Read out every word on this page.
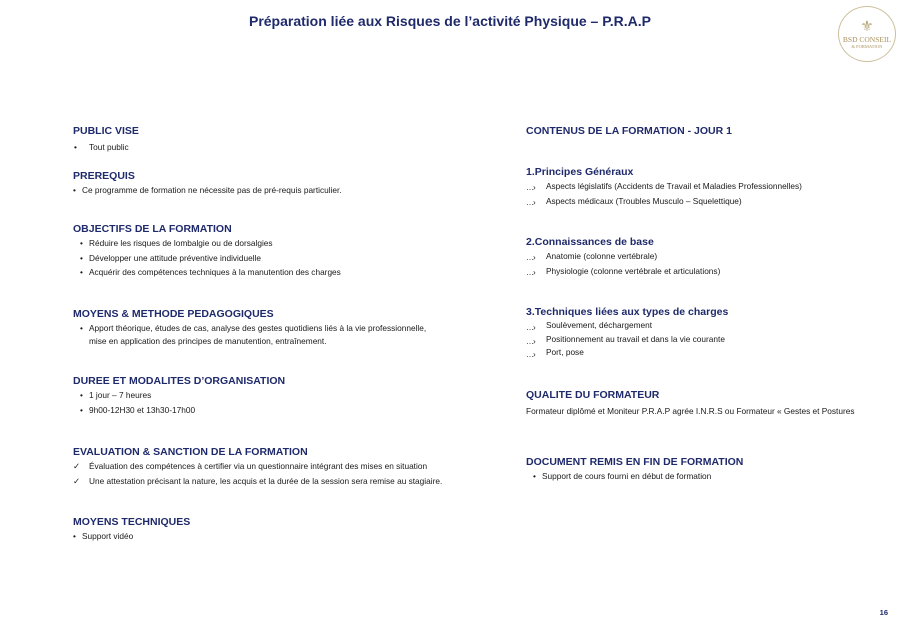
Préparation liée aux Risques de l’activité Physique – P.R.A.P	⚜
BSD CONSEIL
& FORMATION
PUBLIC VISE
• Tout public
PREREQUIS
• Ce programme de formation ne nécessite pas de pré-requis particulier.
OBJECTIFS DE LA FORMATION
• Réduire les risques de lombalgie ou de dorsalgies
• Développer une attitude préventive individuelle
• Acquérir des compétences techniques à la manutention des charges
MOYENS & METHODE PEDAGOGIQUES
• Apport théorique, études de cas, analyse des gestes quotidiens liés à la vie professionnelle,
mise en application des principes de manutention, entraînement.
DUREE ET MODALITES D’ORGANISATION
• 1 jour – 7 heures
• 9h00-12H30 et 13h30-17h00
EVALUATION & SANCTION DE LA FORMATION
✓ Évaluation des compétences à certifier via un questionnaire intégrant des mises en situation
✓ Une attestation précisant la nature, les acquis et la durée de la session sera remise au stagiaire.
MOYENS TECHNIQUES
• Support vidéo
CONTENUS DE LA FORMATION - JOUR 1
1.Principes Généraux
…› Aspects législatifs (Accidents de Travail et Maladies Professionnelles)
…› Aspects médicaux (Troubles Musculo – Squelettique)
2.Connaissances de base
…› Anatomie (colonne vertébrale)
…› Physiologie (colonne vertébrale et articulations)
3.Techniques liées aux types de charges
…› Soulèvement, déchargement
…› Positionnement au travail et dans la vie courante
…› Port, pose
QUALITE DU FORMATEUR
Formateur diplômé et Moniteur P.R.A.P agrée I.N.R.S ou Formateur « Gestes et Postures
DOCUMENT REMIS EN FIN DE FORMATION
• Support de cours fourni en début de formation
16
